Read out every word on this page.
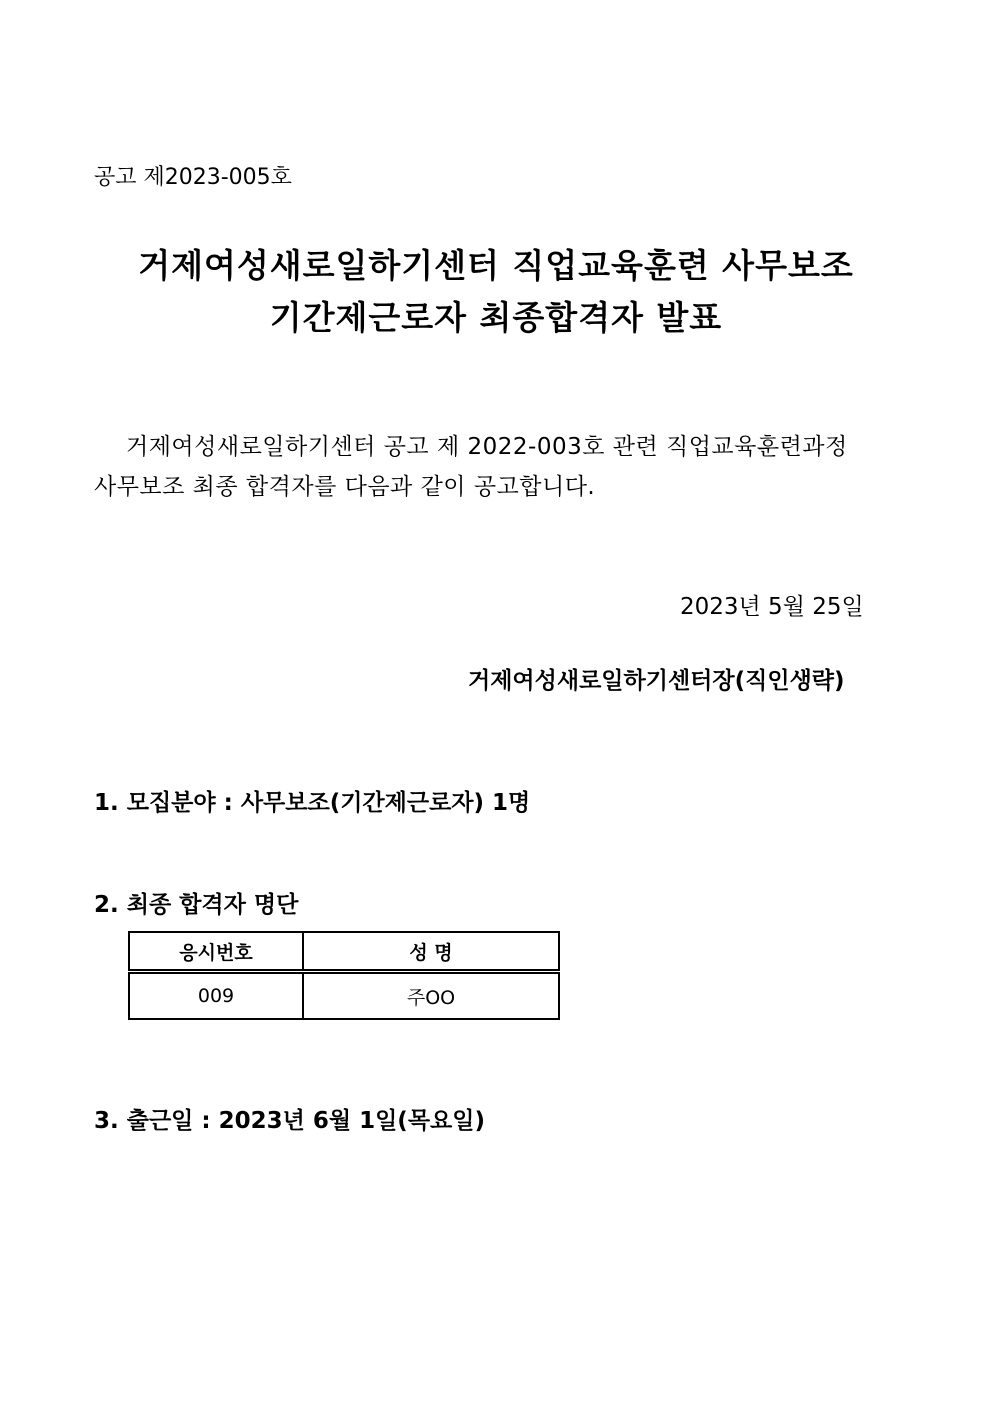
공고 제2023-005호
거제여성새로일하기센터 직업교육훈련 사무보조
기간제근로자 최종합격자 발표
거제여성새로일하기센터 공고 제 2022-003호 관련 직업교육훈련과정
사무보조 최종 합격자를 다음과 같이 공고합니다.
2023년 5월 25일
거제여성새로일하기센터장(직인생략)
1. 모집분야 : 사무보조(기간제근로자) 1명
2. 최종 합격자 명단
응시번호	성 명
009	주OO
3. 출근일 : 2023년 6월 1일(목요일)
